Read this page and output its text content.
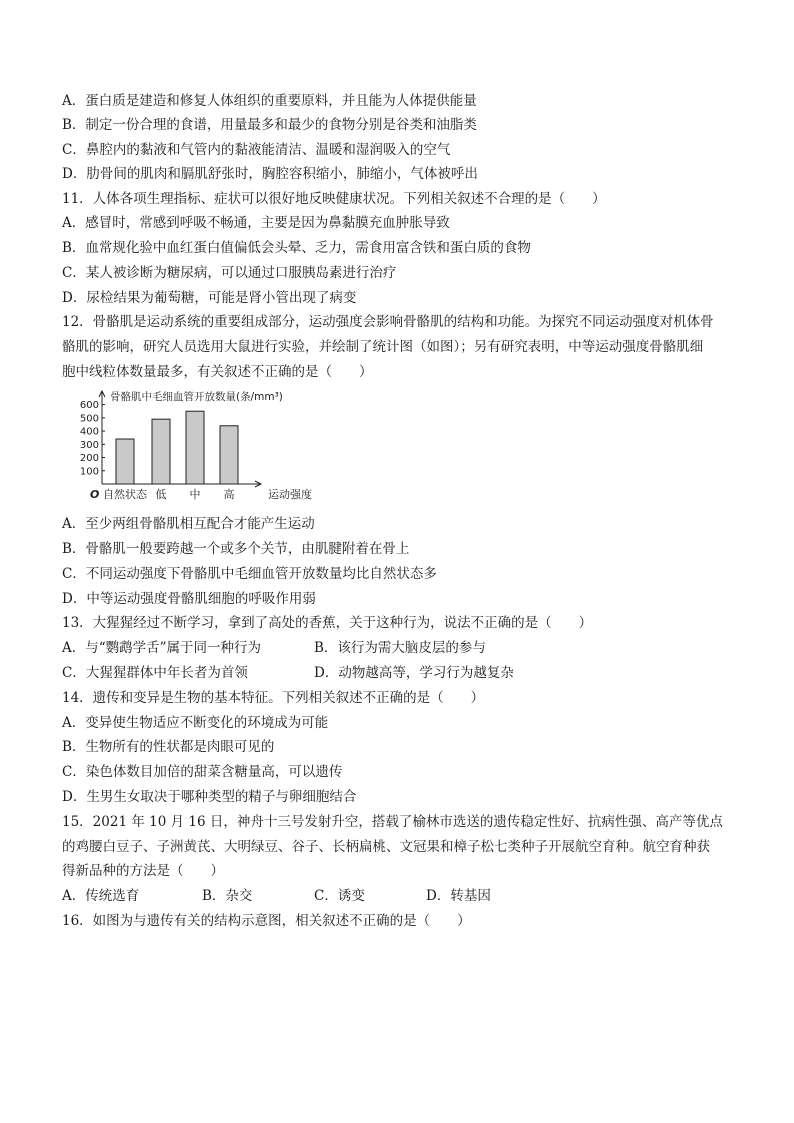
A．蛋白质是建造和修复人体组织的重要原料，并且能为人体提供能量
B．制定一份合理的食谱，用量最多和最少的食物分别是谷类和油脂类
C．鼻腔内的黏液和气管内的黏液能清洁、温暖和湿润吸入的空气
D．肋骨间的肌肉和膈肌舒张时，胸腔容积缩小，肺缩小，气体被呼出
11．人体各项生理指标、症状可以很好地反映健康状况。下列相关叙述不合理的是（　　）
A．感冒时，常感到呼吸不畅通，主要是因为鼻黏膜充血肿胀导致
B．血常规化验中血红蛋白值偏低会头晕、乏力，需食用富含铁和蛋白质的食物
C．某人被诊断为糖尿病，可以通过口服胰岛素进行治疗
D．尿检结果为葡萄糖，可能是肾小管出现了病变
12．骨骼肌是运动系统的重要组成部分，运动强度会影响骨骼肌的结构和功能。为探究不同运动强度对机体骨
骼肌的影响，研究人员选用大鼠进行实验，并绘制了统计图（如图）；另有研究表明，中等运动强度骨骼肌细
胞中线粒体数量最多，有关叙述不正确的是（　　）
100
200
300
400
500
600
骨骼肌中毛细血管开放数量(条/mm³)
O 自然状态 低 中 高	运动强度
A．至少两组骨骼肌相互配合才能产生运动
B．骨骼肌一般要跨越一个或多个关节，由肌腱附着在骨上
C．不同运动强度下骨骼肌中毛细血管开放数量均比自然状态多
D．中等运动强度骨骼肌细胞的呼吸作用弱
13．大猩猩经过不断学习，拿到了高处的香蕉，关于这种行为，说法不正确的是（　　）
A．与“鹦鹉学舌”属于同一种行为	B．该行为需大脑皮层的参与
C．大猩猩群体中年长者为首领	D．动物越高等，学习行为越复杂
14．遗传和变异是生物的基本特征。下列相关叙述不正确的是（　　）
A．变异使生物适应不断变化的环境成为可能
B．生物所有的性状都是肉眼可见的
C．染色体数目加倍的甜菜含糖量高，可以遗传
D．生男生女取决于哪种类型的精子与卵细胞结合
15．2021 年 10 月 16 日，神舟十三号发射升空，搭载了榆林市选送的遗传稳定性好、抗病性强、高产等优点
的鸡腰白豆子、子洲黄芪、大明绿豆、谷子、长柄扁桃、文冠果和樟子松七类种子开展航空育种。航空育种获
得新品种的方法是（　　）
A．传统选育	B．杂交	C．诱变	D．转基因
16．如图为与遗传有关的结构示意图，相关叙述不正确的是（　　）
